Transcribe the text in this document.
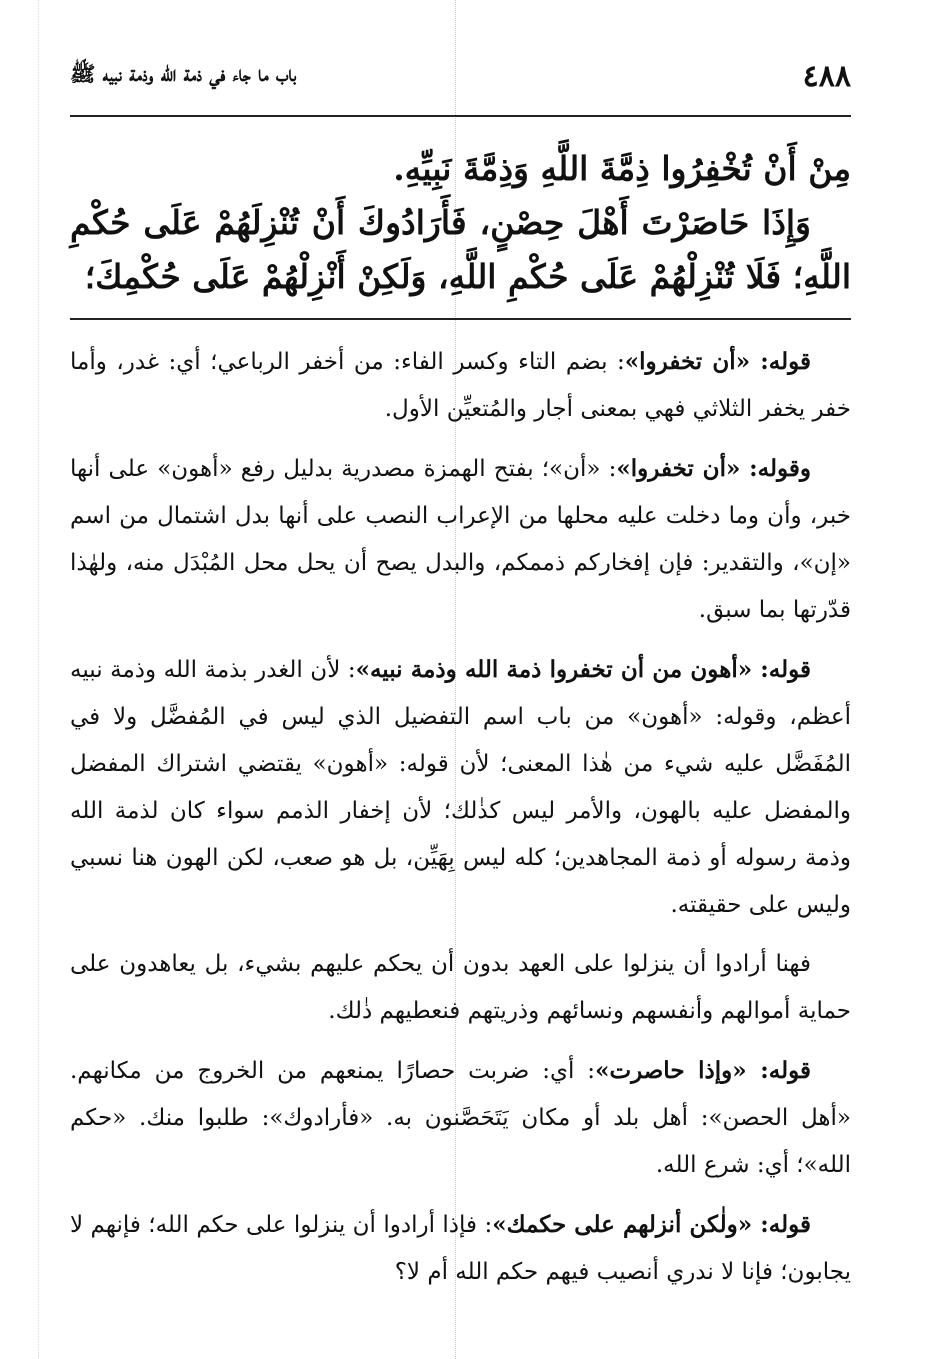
٤٨٨
باب ما جاء في ذمة الله وذمة نبيه ﷺ

مِنْ أَنْ تُخْفِرُوا ذِمَّةَ اللَّهِ وَذِمَّةَ نَبِيِّهِ.

وَإِذَا حَاصَرْتَ أَهْلَ حِصْنٍ، فَأَرَادُوكَ أَنْ تُنْزِلَهُمْ عَلَى حُكْمِ اللَّهِ؛ فَلَا تُنْزِلْهُمْ عَلَى حُكْمِ اللَّهِ، وَلَكِنْ أَنْزِلْهُمْ عَلَى حُكْمِكَ؛

قوله: «أن تخفروا»: بضم التاء وكسر الفاء: من أخفر الرباعي؛ أي: غدر، وأما خفر يخفر الثلاثي فهي بمعنى أجار والمُتعيِّن الأول.

وقوله: «أن تخفروا»: «أن»؛ بفتح الهمزة مصدرية بدليل رفع «أهون» على أنها خبر، وأن وما دخلت عليه محلها من الإعراب النصب على أنها بدل اشتمال من اسم «إن»، والتقدير: فإن إفخاركم ذممكم، والبدل يصح أن يحل محل المُبْدَل منه، ولهٰذا قدّرتها بما سبق.

قوله: «أهون من أن تخفروا ذمة الله وذمة نبيه»: لأن الغدر بذمة الله وذمة نبيه أعظم، وقوله: «أهون» من باب اسم التفضيل الذي ليس في المُفضَّل ولا في المُفَضَّل عليه شيء من هٰذا المعنى؛ لأن قوله: «أهون» يقتضي اشتراك المفضل والمفضل عليه بالهون، والأمر ليس كذٰلك؛ لأن إخفار الذمم سواء كان لذمة الله وذمة رسوله أو ذمة المجاهدين؛ كله ليس بِهَيِّن، بل هو صعب، لكن الهون هنا نسبي وليس على حقيقته.

فهنا أرادوا أن ينزلوا على العهد بدون أن يحكم عليهم بشيء، بل يعاهدون على حماية أموالهم وأنفسهم ونسائهم وذريتهم فنعطيهم ذٰلك.

قوله: «وإذا حاصرت»: أي: ضربت حصارًا يمنعهم من الخروج من مكانهم. «أهل الحصن»: أهل بلد أو مكان يَتَحَصَّنون به. «فأرادوك»: طلبوا منك. «حكم الله»؛ أي: شرع الله.

قوله: «ولٰكن أنزلهم على حكمك»: فإذا أرادوا أن ينزلوا على حكم الله؛ فإنهم لا يجابون؛ فإنا لا ندري أنصيب فيهم حكم الله أم لا؟
